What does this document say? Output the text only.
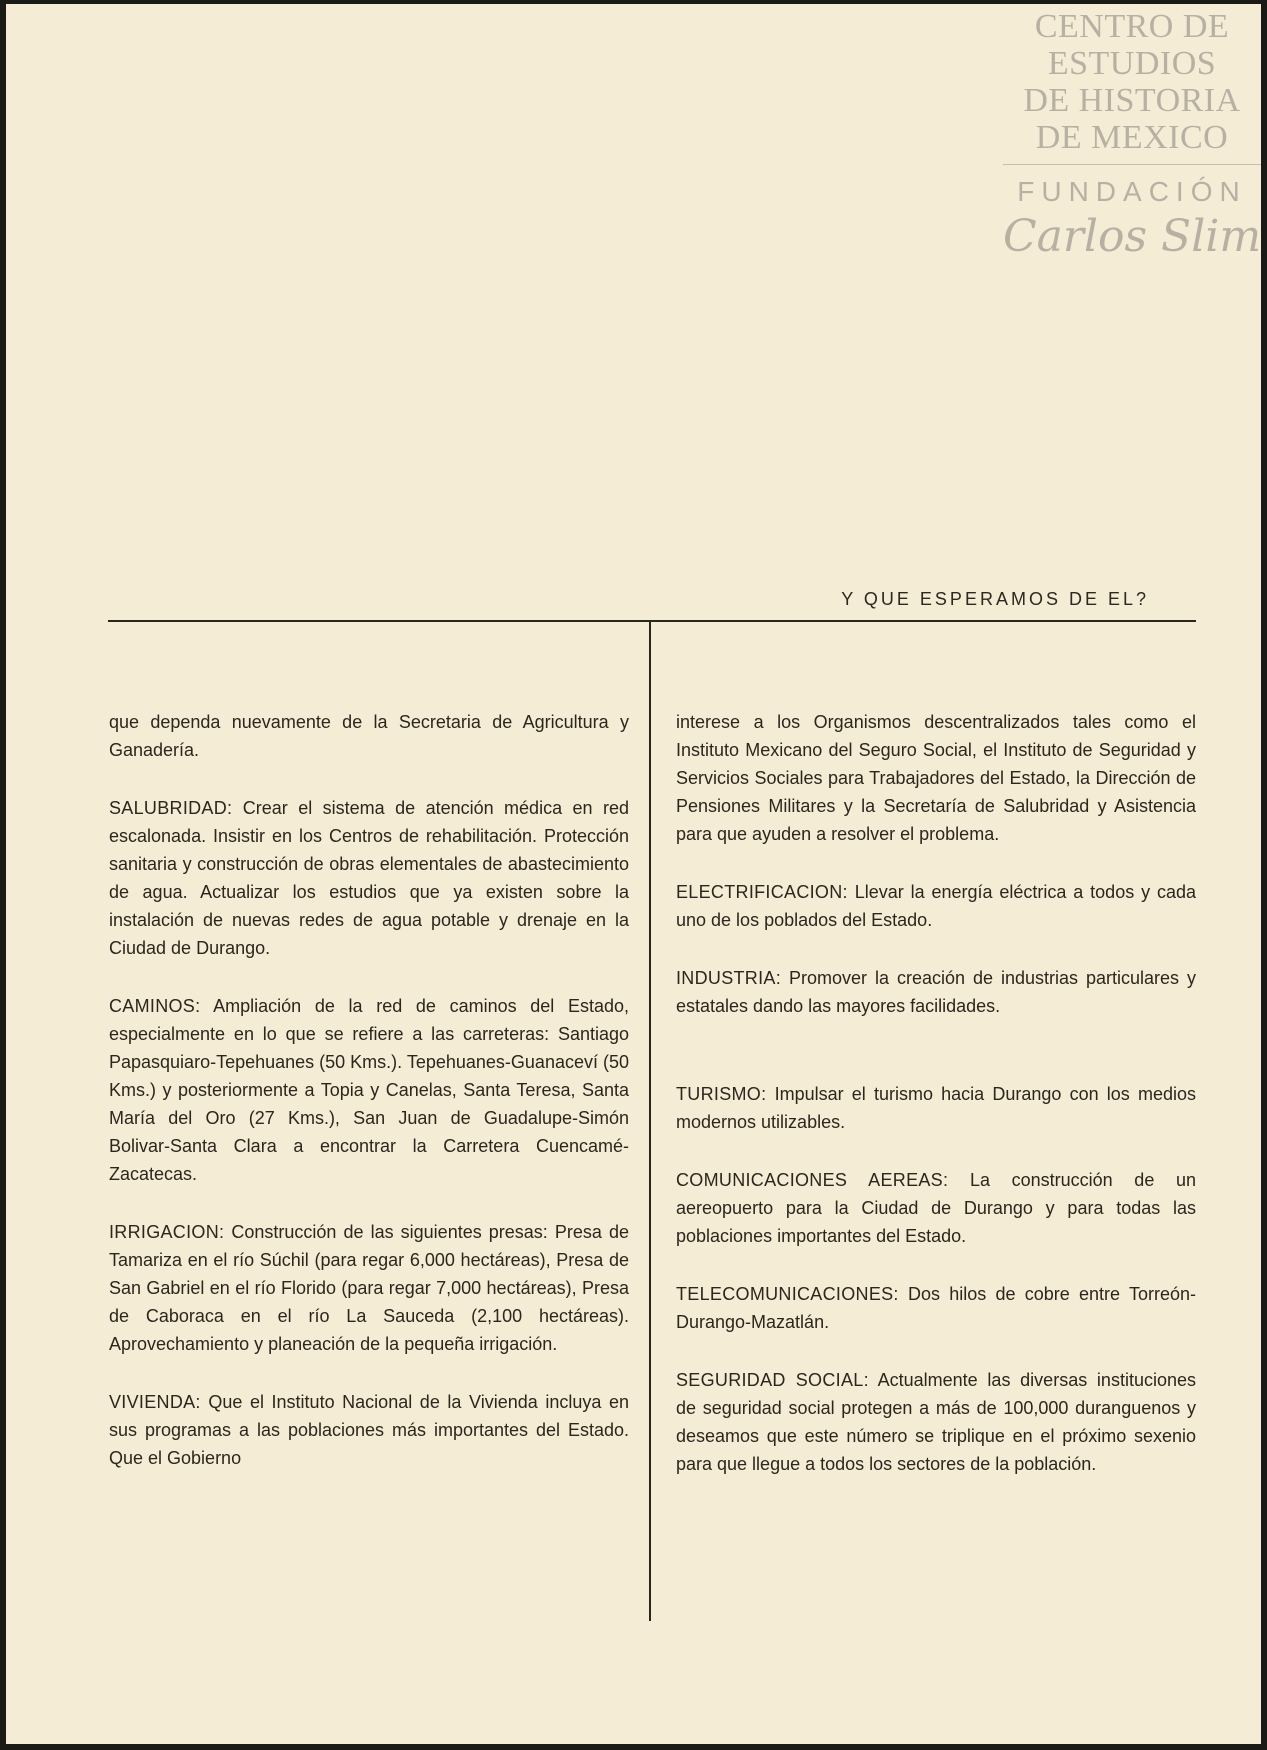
CENTRO DE
ESTUDIOS
DE HISTORIA
DE MEXICO
FUNDACIÓN
Carlos Slim
Y QUE ESPERAMOS DE EL?

que dependa nuevamente de la Secretaria de Agricultura y Ganadería.

SALUBRIDAD: Crear el sistema de atención médica en red escalonada. Insistir en los Centros de rehabilitación. Protección sanitaria y construcción de obras elementales de abastecimiento de agua. Actualizar los estudios que ya existen sobre la instalación de nuevas redes de agua potable y drenaje en la Ciudad de Durango.

CAMINOS: Ampliación de la red de caminos del Estado, especialmente en lo que se refiere a las carreteras: Santiago Papasquiaro-Tepehuanes (50 Kms.). Tepehuanes-Guanaceví (50 Kms.) y posteriormente a Topia y Canelas, Santa Teresa, Santa María del Oro (27 Kms.), San Juan de Guadalupe-Simón Bolivar-Santa Clara a encontrar la Carretera Cuencamé-Zacatecas.

IRRIGACION: Construcción de las siguientes presas: Presa de Tamariza en el río Súchil (para regar 6,000 hectáreas), Presa de San Gabriel en el río Florido (para regar 7,000 hectáreas), Presa de Caboraca en el río La Sauceda (2,100 hectáreas). Aprovechamiento y planeación de la pequeña irrigación.

VIVIENDA: Que el Instituto Nacional de la Vivienda incluya en sus programas a las poblaciones más importantes del Estado. Que el Gobierno

interese a los Organismos descentralizados tales como el Instituto Mexicano del Seguro Social, el Instituto de Seguridad y Servicios Sociales para Trabajadores del Estado, la Dirección de Pensiones Militares y la Secretaría de Salubridad y Asistencia para que ayuden a resolver el problema.

ELECTRIFICACION: Llevar la energía eléctrica a todos y cada uno de los poblados del Estado.

INDUSTRIA: Promover la creación de industrias particulares y estatales dando las mayores facilidades.

TURISMO: Impulsar el turismo hacia Durango con los medios modernos utilizables.

COMUNICACIONES AEREAS: La construcción de un aereopuerto para la Ciudad de Durango y para todas las poblaciones importantes del Estado.

TELECOMUNICACIONES: Dos hilos de cobre entre Torreón-Durango-Mazatlán.

SEGURIDAD SOCIAL: Actualmente las diversas instituciones de seguridad social protegen a más de 100,000 duranguenos y deseamos que este número se triplique en el próximo sexenio para que llegue a todos los sectores de la población.
